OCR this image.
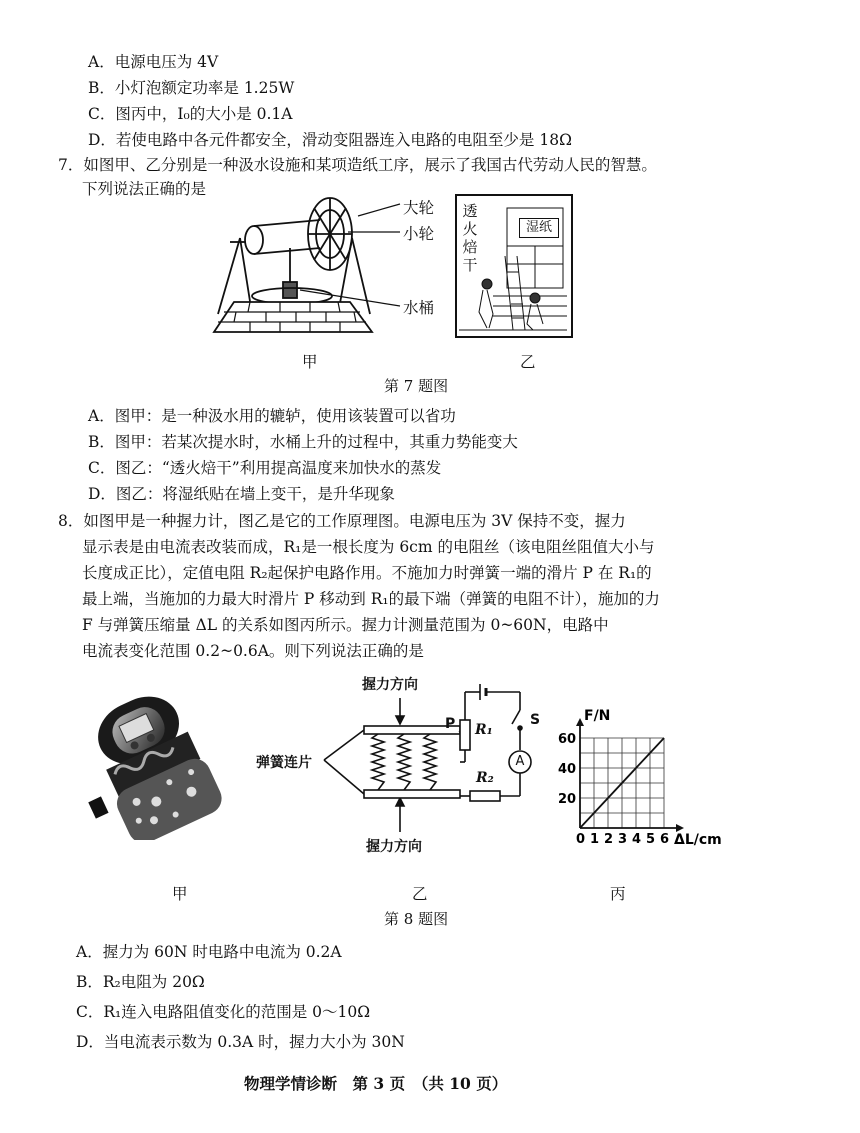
A．电源电压为 4V
B．小灯泡额定功率是 1.25W
C．图丙中，I₀的大小是 0.1A
D．若使电路中各元件都安全，滑动变阻器连入电路的电阻至少是 18Ω
7．如图甲、乙分别是一种汲水设施和某项造纸工序，展示了我国古代劳动人民的智慧。
下列说法正确的是
大轮
小轮
水桶
甲
透
火
焙
干
湿纸
乙
第 7 题图
A．图甲：是一种汲水用的辘轳，使用该装置可以省功
B．图甲：若某次提水时，水桶上升的过程中，其重力势能变大
C．图乙：“透火焙干”利用提高温度来加快水的蒸发
D．图乙：将湿纸贴在墙上变干，是升华现象
8．如图甲是一种握力计，图乙是它的工作原理图。电源电压为 3V 保持不变，握力
显示表是由电流表改装而成，R₁是一根长度为 6cm 的电阻丝（该电阻丝阻值大小与
长度成正比），定值电阻 R₂起保护电路作用。不施加力时弹簧一端的滑片 P 在 R₁的
最上端，当施加的力最大时滑片 P 移动到 R₁的最下端（弹簧的电阻不计），施加的力
F 与弹簧压缩量 ΔL 的关系如图丙所示。握力计测量范围为 0~60N，电路中
电流表变化范围 0.2~0.6A。则下列说法正确的是
甲
握力方向
弹簧连片
握力方向
P R₁
R₂
S
A
乙
0 1 2 3 4 5 6
20
40
60
F/N
ΔL/cm
丙
第 8 题图
A．握力为 60N 时电路中电流为 0.2A
B．R₂电阻为 20Ω
C．R₁连入电路阻值变化的范围是 0～10Ω
D．当电流表示数为 0.3A 时，握力大小为 30N
物理学情诊断　第 3 页　（共 10 页）
